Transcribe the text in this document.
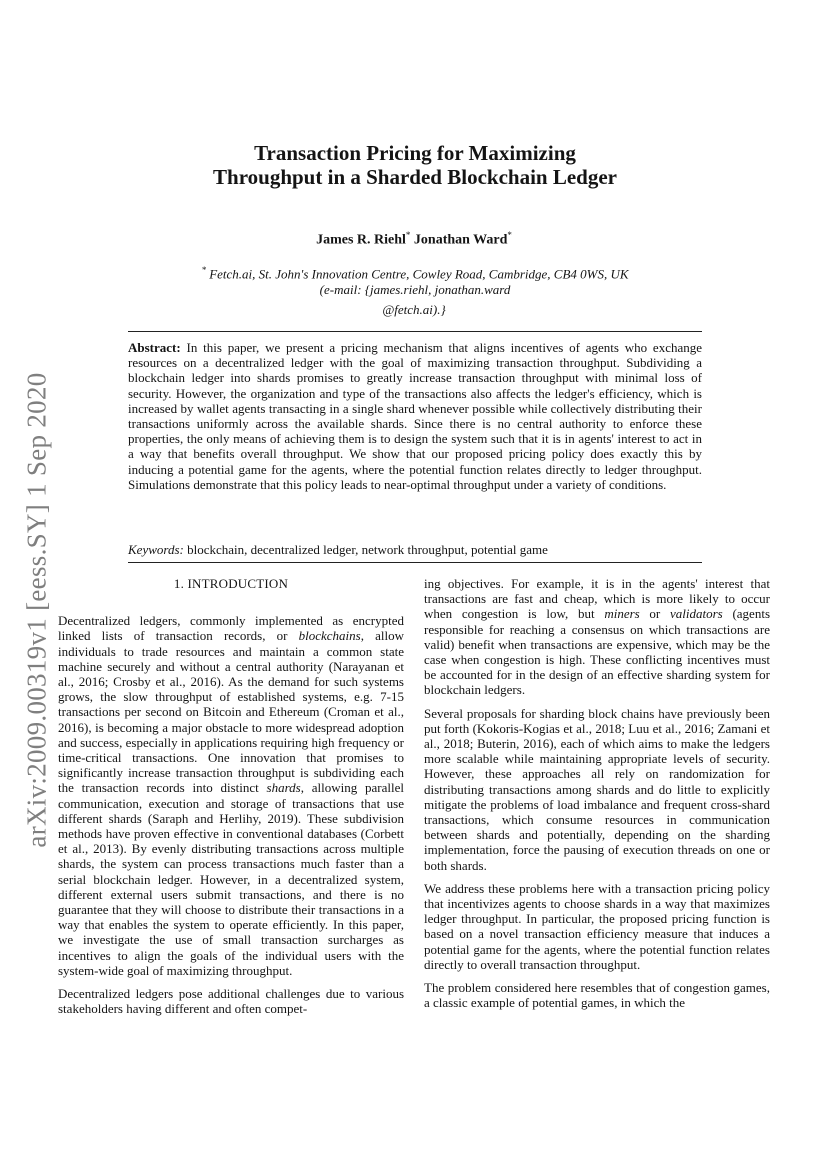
arXiv:2009.00319v1 [eess.SY] 1 Sep 2020
Transaction Pricing for Maximizing Throughput in a Sharded Blockchain Ledger
James R. Riehl* Jonathan Ward*
* Fetch.ai, St. John's Innovation Centre, Cowley Road, Cambridge, CB4 0WS, UK (e-mail: {james.riehl, jonathan.ward
@fetch.ai).}
Abstract: In this paper, we present a pricing mechanism that aligns incentives of agents who exchange resources on a decentralized ledger with the goal of maximizing transaction throughput. Subdividing a blockchain ledger into shards promises to greatly increase transaction throughput with minimal loss of security. However, the organization and type of the transactions also affects the ledger's efficiency, which is increased by wallet agents transacting in a single shard whenever possible while collectively distributing their transactions uniformly across the available shards. Since there is no central authority to enforce these properties, the only means of achieving them is to design the system such that it is in agents' interest to act in a way that benefits overall throughput. We show that our proposed pricing policy does exactly this by inducing a potential game for the agents, where the potential function relates directly to ledger throughput. Simulations demonstrate that this policy leads to near-optimal throughput under a variety of conditions.
Keywords: blockchain, decentralized ledger, network throughput, potential game
1. INTRODUCTION

Decentralized ledgers, commonly implemented as encrypted linked lists of transaction records, or blockchains, allow individuals to trade resources and maintain a common state machine securely and without a central authority (Narayanan et al., 2016; Crosby et al., 2016). As the demand for such systems grows, the slow throughput of established systems, e.g. 7-15 transactions per second on Bitcoin and Ethereum (Croman et al., 2016), is becoming a major obstacle to more widespread adoption and success, especially in applications requiring high frequency or time-critical transactions. One innovation that promises to significantly increase transaction throughput is subdividing each the transaction records into distinct shards, allowing parallel communication, execution and storage of transactions that use different shards (Saraph and Herlihy, 2019). These subdivision methods have proven effective in conventional databases (Corbett et al., 2013). By evenly distributing transactions across multiple shards, the system can process transactions much faster than a serial blockchain ledger. However, in a decentralized system, different external users submit transactions, and there is no guarantee that they will choose to distribute their transactions in a way that enables the system to operate efficiently. In this paper, we investigate the use of small transaction surcharges as incentives to align the goals of the individual users with the system-wide goal of maximizing throughput.

Decentralized ledgers pose additional challenges due to various stakeholders having different and often compet-

ing objectives. For example, it is in the agents' interest that transactions are fast and cheap, which is more likely to occur when congestion is low, but miners or validators (agents responsible for reaching a consensus on which transactions are valid) benefit when transactions are expensive, which may be the case when congestion is high. These conflicting incentives must be accounted for in the design of an effective sharding system for blockchain ledgers.

Several proposals for sharding block chains have previously been put forth (Kokoris-Kogias et al., 2018; Luu et al., 2016; Zamani et al., 2018; Buterin, 2016), each of which aims to make the ledgers more scalable while maintaining appropriate levels of security. However, these approaches all rely on randomization for distributing transactions among shards and do little to explicitly mitigate the problems of load imbalance and frequent cross-shard transactions, which consume resources in communication between shards and potentially, depending on the sharding implementation, force the pausing of execution threads on one or both shards.

We address these problems here with a transaction pricing policy that incentivizes agents to choose shards in a way that maximizes ledger throughput. In particular, the proposed pricing function is based on a novel transaction efficiency measure that induces a potential game for the agents, where the potential function relates directly to overall transaction throughput.

The problem considered here resembles that of congestion games, a classic example of potential games, in which the
